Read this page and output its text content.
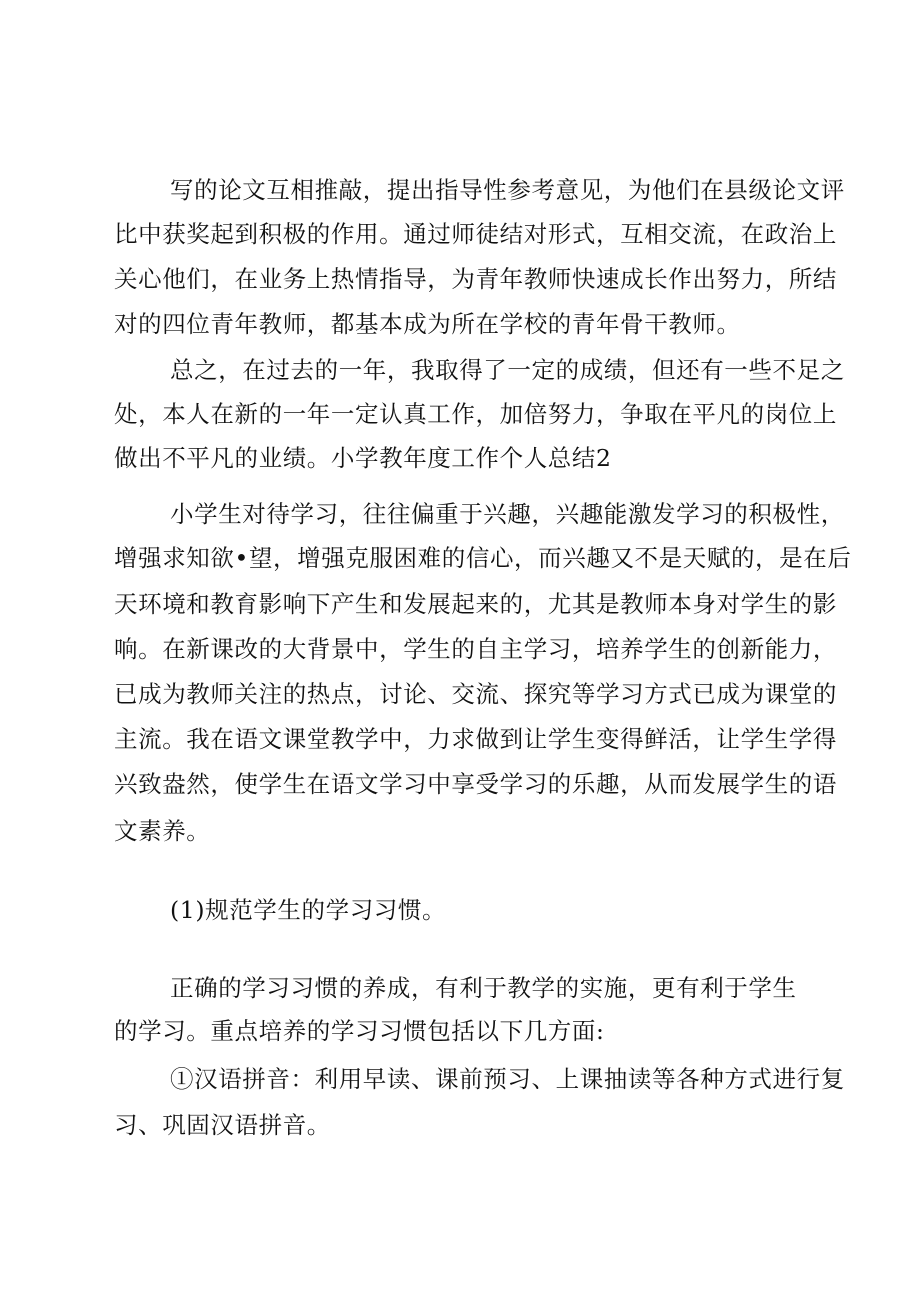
写的论文互相推敲，提出指导性参考意见，为他们在县级论文评
比中获奖起到积极的作用。通过师徒结对形式，互相交流，在政治上
关心他们，在业务上热情指导，为青年教师快速成长作出努力，所结
对的四位青年教师，都基本成为所在学校的青年骨干教师。
总之，在过去的一年，我取得了一定的成绩，但还有一些不足之
处，本人在新的一年一定认真工作，加倍努力，争取在平凡的岗位上
做出不平凡的业绩。小学教年度工作个人总结2
小学生对待学习，往往偏重于兴趣，兴趣能激发学习的积极性，
增强求知欲•望，增强克服困难的信心，而兴趣又不是天赋的，是在后
天环境和教育影响下产生和发展起来的，尤其是教师本身对学生的影
响。在新课改的大背景中，学生的自主学习，培养学生的创新能力，
已成为教师关注的热点，讨论、交流、探究等学习方式已成为课堂的
主流。我在语文课堂教学中，力求做到让学生变得鲜活，让学生学得
兴致盎然，使学生在语文学习中享受学习的乐趣，从而发展学生的语
文素养。
(1)规范学生的学习习惯。
正确的学习习惯的养成，有利于教学的实施，更有利于学生
的学习。重点培养的学习习惯包括以下几方面:
①汉语拼音：利用早读、课前预习、上课抽读等各种方式进行复
习、巩固汉语拼音。
